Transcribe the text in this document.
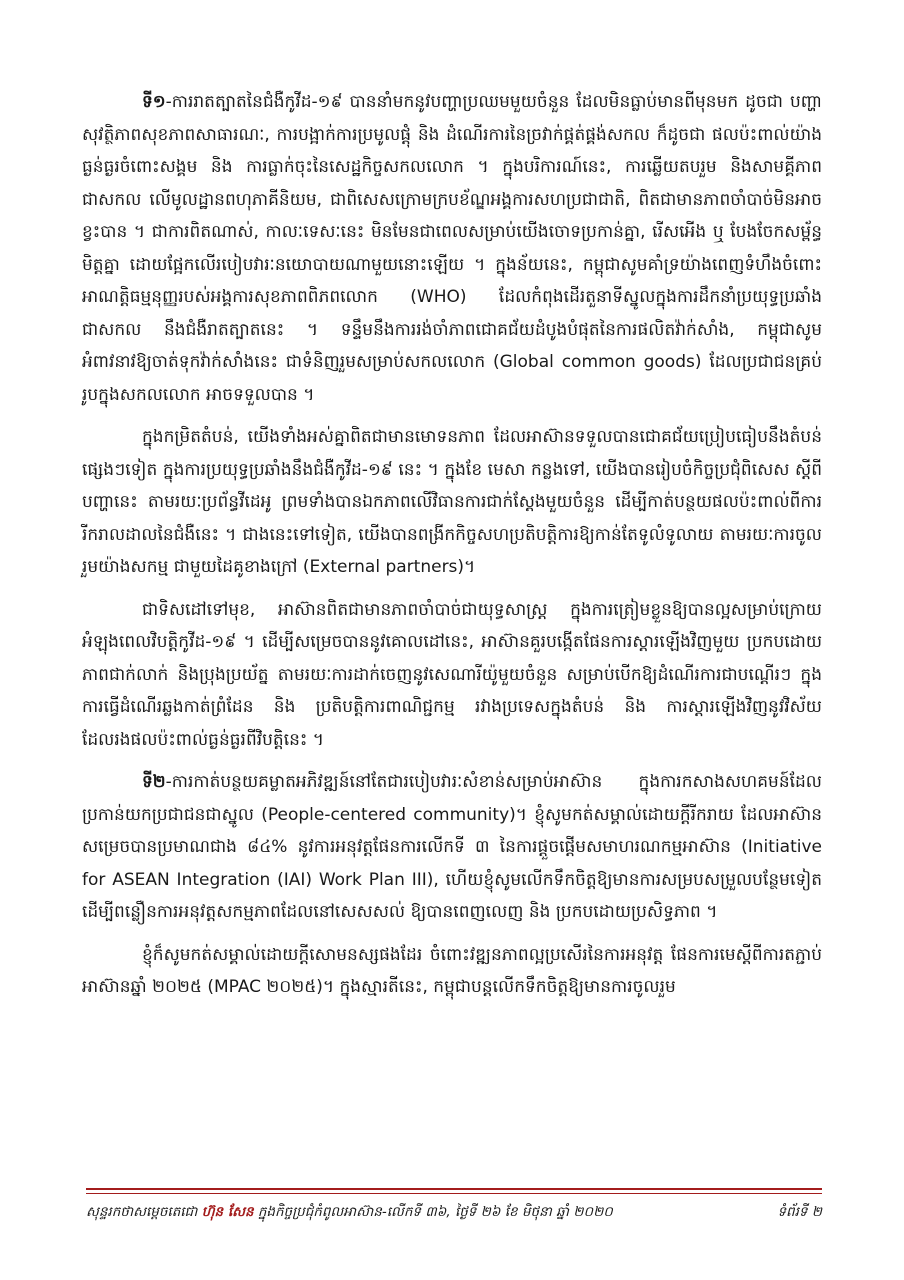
ទី១-ការរាតត្បាតនៃជំងឺកូវីដ-១៩ បាននាំមកនូវបញ្ហាប្រឈមមួយចំនួន ដែលមិនធ្លាប់មានពីមុនមក ដូចជា បញ្ហាសុវត្ថិភាពសុខភាពសាធារណៈ, ការបង្អាក់ការប្រមូលផ្តុំ និង ដំណើរការនៃច្រវាក់ផ្គត់ផ្គង់សកល ក៏ដូចជា ផលប៉ះពាល់យ៉ាងធ្ងន់ធ្ងរចំពោះសង្គម និង ការធ្លាក់ចុះនៃសេដ្ឋកិច្ចសកលលោក ។ ក្នុងបរិការណ៍នេះ, ការឆ្លើយតបរួម និងសាមគ្គីភាពជាសកល លើមូលដ្ឋានពហុភាគីនិយម, ជាពិសេសក្រោមក្របខ័ណ្ឌអង្គការសហប្រជាជាតិ, ពិតជាមានភាពចាំបាច់មិនអាចខ្វះបាន ។ ជាការពិតណាស់, កាលៈទេសៈនេះ មិនមែនជាពេលសម្រាប់យើងចោទប្រកាន់គ្នា, រើសអើង ឬ បែងចែកសម្ព័ន្ធមិត្តគ្នា ដោយផ្អែកលើរបៀបវារៈនយោបាយណាមួយនោះឡើយ ។ ក្នុងន័យនេះ, កម្ពុជាសូមគាំទ្រយ៉ាងពេញទំហឹងចំពោះអាណត្តិធម្មនុញ្ញរបស់អង្គការសុខភាពពិភពលោក (WHO) ដែលកំពុងដើរតួនាទីស្នូលក្នុងការដឹកនាំប្រយុទ្ធប្រឆាំងជាសកល នឹងជំងឺរាតត្បាតនេះ ។ ទន្ទឹមនឹងការរង់ចាំភាពជោគជ័យដំបូងបំផុតនៃការផលិតវ៉ាក់សាំង, កម្ពុជាសូមអំពាវនាវឱ្យចាត់ទុកវ៉ាក់សាំងនេះ ជាទំនិញរួមសម្រាប់សកលលោក (Global common goods) ដែលប្រជាជនគ្រប់រូបក្នុងសកលលោក អាចទទួលបាន ។

ក្នុងកម្រិតតំបន់, យើងទាំងអស់គ្នាពិតជាមានមោទនភាព ដែលអាស៊ានទទួលបានជោគជ័យប្រៀបធៀបនឹងតំបន់ផ្សេងៗទៀត ក្នុងការប្រយុទ្ធប្រឆាំងនឹងជំងឺកូវីដ-១៩ នេះ ។ ក្នុងខែ មេសា កន្លងទៅ, យើងបានរៀបចំកិច្ចប្រជុំពិសេស ស្តីពីបញ្ហានេះ តាមរយៈប្រព័ន្ធវីដេអូ ព្រមទាំងបានឯកភាពលើវិធានការជាក់ស្តែងមួយចំនួន ដើម្បីកាត់បន្ថយផលប៉ះពាល់ពីការរីករាលដាលនៃជំងឺនេះ ។ ជាងនេះទៅទៀត, យើងបានពង្រីកកិច្ចសហប្រតិបត្តិការឱ្យកាន់តែទូលំទូលាយ តាមរយៈការចូលរួមយ៉ាងសកម្ម ជាមួយដៃគូខាងក្រៅ (External partners)។

ជាទិសដៅទៅមុខ, អាស៊ានពិតជាមានភាពចាំបាច់ជាយុទ្ធសាស្ត្រ ក្នុងការត្រៀមខ្លួនឱ្យបានល្អសម្រាប់ក្រោយអំឡុងពេលវិបត្តិកូវីដ-១៩ ។ ដើម្បីសម្រេចបាននូវគោលដៅនេះ, អាស៊ានគួរបង្កើតផែនការស្តារឡើងវិញមួយ ប្រកបដោយភាពជាក់លាក់ និងប្រុងប្រយ័ត្ន តាមរយៈការដាក់ចេញនូវសេណារីយ៉ូមួយចំនួន សម្រាប់បើកឱ្យដំណើរការជាបណ្តើរៗ ក្នុងការធ្វើដំណើរឆ្លងកាត់ព្រំដែន និង ប្រតិបត្តិការពាណិជ្ជកម្ម រវាងប្រទេសក្នុងតំបន់ និង ការស្តារឡើងវិញនូវវិស័យដែលរងផលប៉ះពាល់ធ្ងន់ធ្ងរពីវិបត្តិនេះ ។

ទី២-ការកាត់បន្ថយគម្លាតអភិវឌ្ឍន៍នៅតែជារបៀបវារៈសំខាន់សម្រាប់អាស៊ាន ក្នុងការកសាងសហគមន៍ដែលប្រកាន់យកប្រជាជនជាស្នូល (People-centered community)។ ខ្ញុំសូមកត់សម្គាល់ដោយក្តីរីករាយ ដែលអាស៊ានសម្រេចបានប្រមាណជាង ៨៤% នូវការអនុវត្តផែនការលើកទី ៣ នៃការផ្តួចផ្តើមសមាហរណកម្មអាស៊ាន (Initiative for ASEAN Integration (IAI) Work Plan III), ហើយខ្ញុំសូមលើកទឹកចិត្តឱ្យមានការសម្របសម្រួលបន្ថែមទៀត ដើម្បីពន្លឿនការអនុវត្តសកម្មភាពដែលនៅសេសសល់ ឱ្យបានពេញលេញ និង ប្រកបដោយប្រសិទ្ធភាព ។

ខ្ញុំក៏សូមកត់សម្គាល់ដោយក្តីសោមនស្សផងដែរ ចំពោះវឌ្ឍនភាពល្អប្រសើរនៃការអនុវត្ត ផែនការមេស្តីពីការតភ្ជាប់អាស៊ានឆ្នាំ ២០២៥ (MPAC ២០២៥)។ ក្នុងស្មារតីនេះ, កម្ពុជាបន្តលើកទឹកចិត្តឱ្យមានការចូលរួម

សុន្ទរកថាសម្តេចតេជោ ហ៊ុន សែន ក្នុងកិច្ចប្រជុំកំពូលអាស៊ាន-លើកទី ៣៦, ថ្ងៃទី ២៦ ខែ មិថុនា ឆ្នាំ ២០២០	ទំព័រទី ២
